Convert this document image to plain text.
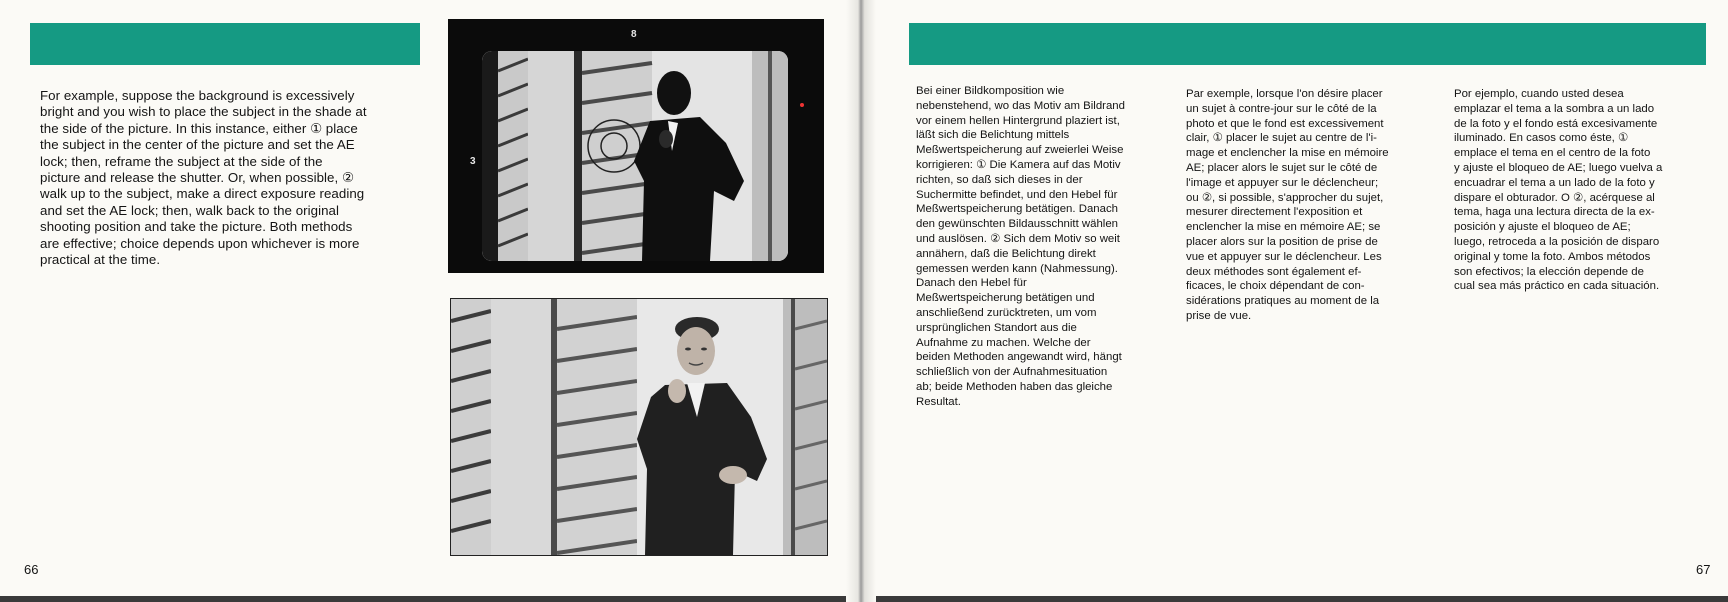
For example, suppose the background is excessively
bright and you wish to place the subject in the shade at
the side of the picture. In this instance, either ① place
the subject in the center of the picture and set the AE
lock; then, reframe the subject at the side of the
picture and release the shutter. Or, when possible, ②
walk up to the subject, make a direct exposure reading
and set the AE lock; then, walk back to the original
shooting position and take the picture. Both methods
are effective; choice depends upon whichever is more
practical at the time.
8
3
Bei einer Bildkomposition wie
nebenstehend, wo das Motiv am Bildrand
vor einem hellen Hintergrund plaziert ist,
läßt sich die Belichtung mittels
Meßwertspeicherung auf zweierlei Weise
korrigieren: ① Die Kamera auf das Motiv
richten, so daß sich dieses in der
Suchermitte befindet, und den Hebel für
Meßwertspeicherung betätigen. Danach
den gewünschten Bildausschnitt wählen
und auslösen. ② Sich dem Motiv so weit
annähern, daß die Belichtung direkt
gemessen werden kann (Nahmessung).
Danach den Hebel für
Meßwertspeicherung betätigen und
anschließend zurücktreten, um vom
ursprünglichen Standort aus die
Aufnahme zu machen. Welche der
beiden Methoden angewandt wird, hängt
schließlich von der Aufnahmesituation
ab; beide Methoden haben das gleiche
Resultat.
Par exemple, lorsque l'on désire placer
un sujet à contre-jour sur le côté de la
photo et que le fond est excessivement
clair, ① placer le sujet au centre de l'i-
mage et enclencher la mise en mémoire
AE; placer alors le sujet sur le côté de
l'image et appuyer sur le déclencheur;
ou ②, si possible, s'approcher du sujet,
mesurer directement l'exposition et
enclencher la mise en mémoire AE; se
placer alors sur la position de prise de
vue et appuyer sur le déclencheur. Les
deux méthodes sont également ef-
ficaces, le choix dépendant de con-
sidérations pratiques au moment de la
prise de vue.
Por ejemplo, cuando usted desea
emplazar el tema a la sombra a un lado
de la foto y el fondo está excesivamente
iluminado. En casos como éste, ①
emplace el tema en el centro de la foto
y ajuste el bloqueo de AE; luego vuelva a
encuadrar el tema a un lado de la foto y
dispare el obturador. O ②, acérquese al
tema, haga una lectura directa de la ex-
posición y ajuste el bloqueo de AE;
luego, retroceda a la posición de disparo
original y tome la foto. Ambos métodos
son efectivos; la elección depende de
cual sea más práctico en cada situación.
66	67
